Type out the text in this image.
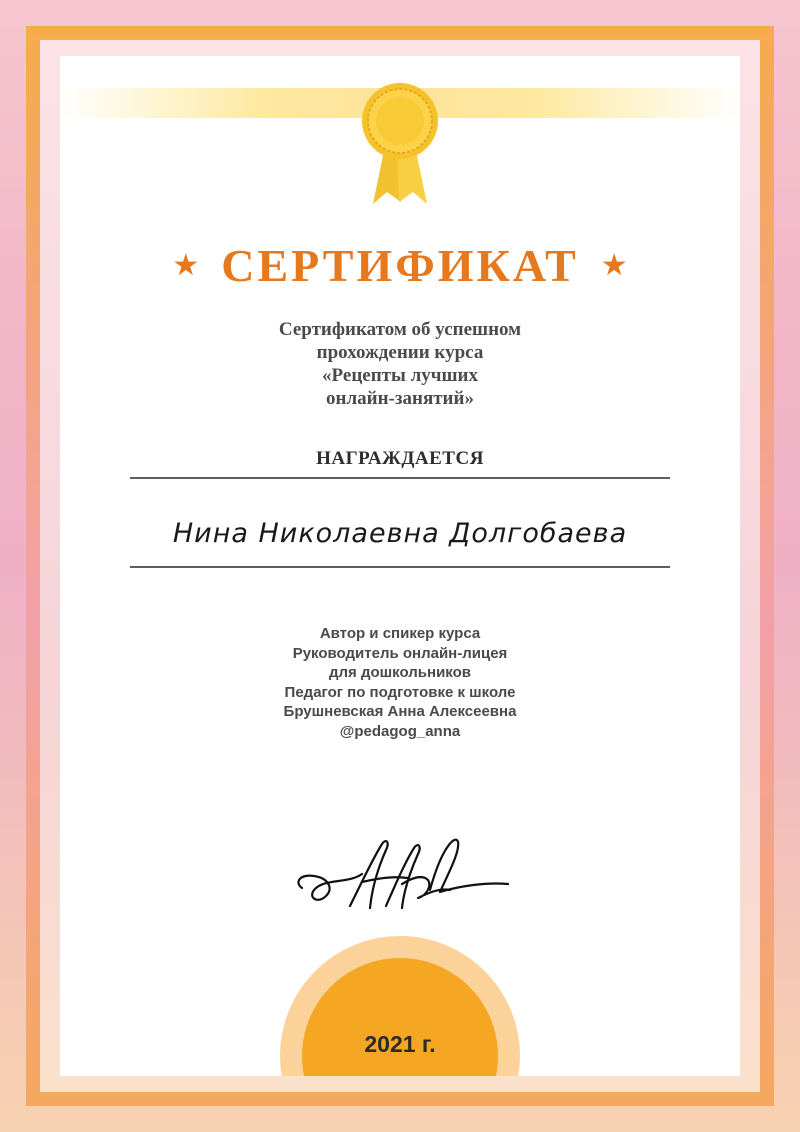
★ СЕРТИФИКАТ ★
Сертификатом об успешном
прохождении курса
«Рецепты лучших
онлайн-занятий»
НАГРАЖДАЕТСЯ
Нина Николаевна Долгобаева
Автор и спикер курса
Руководитель онлайн-лицея
для дошкольников
Педагог по подготовке к школе
Брушневская Анна Алексеевна
@pedagog_anna
2021 г.
